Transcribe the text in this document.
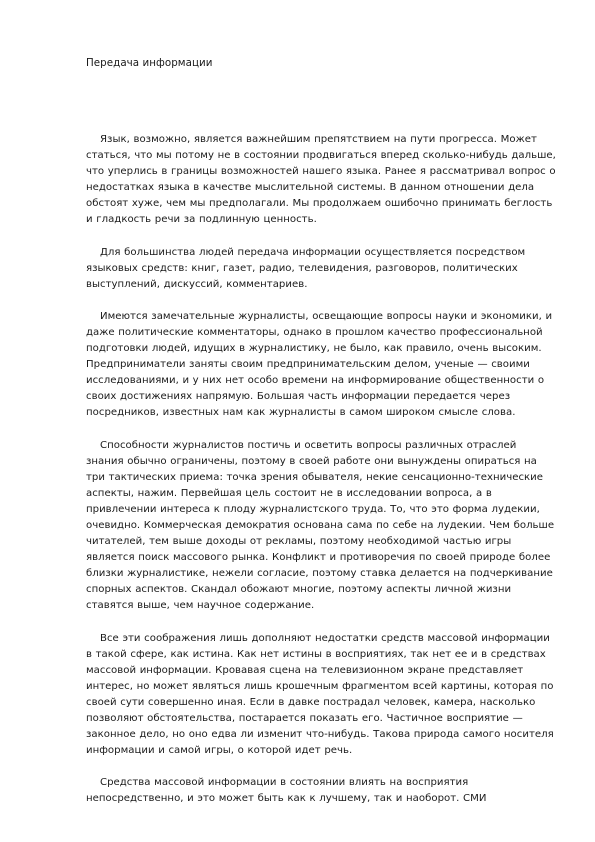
Передача информации

Язык, возможно, является важнейшим препятствием на пути прогресса. Может статься, что мы потому не в состоянии продвигаться вперед сколько-нибудь дальше, что уперлись в границы возможностей нашего языка. Ранее я рассматривал вопрос о недостатках языка в качестве мыслительной системы. В данном отношении дела обстоят хуже, чем мы предполагали. Мы продолжаем ошибочно принимать беглость и гладкость речи за подлинную ценность.

Для большинства людей передача информации осуществляется посредством языковых средств: книг, газет, радио, телевидения, разговоров, политических выступлений, дискуссий, комментариев.

Имеются замечательные журналисты, освещающие вопросы науки и экономики, и даже политические комментаторы, однако в прошлом качество профессиональной подготовки людей, идущих в журналистику, не было, как правило, очень высоким. Предприниматели заняты своим предпринимательским делом, ученые — своими исследованиями, и у них нет особо времени на информирование общественности о своих достижениях напрямую. Большая часть информации передается через посредников, известных нам как журналисты в самом широком смысле слова.

Способности журналистов постичь и осветить вопросы различных отраслей знания обычно ограничены, поэтому в своей работе они вынуждены опираться на три тактических приема: точка зрения обывателя, некие сенсационно-технические аспекты, нажим. Первейшая цель состоит не в исследовании вопроса, а в привлечении интереса к плоду журналистского труда. То, что это форма лудекии, очевидно. Коммерческая демократия основана сама по себе на лудекии. Чем больше читателей, тем выше доходы от рекламы, поэтому необходимой частью игры является поиск массового рынка. Конфликт и противоречия по своей природе более близки журналистике, нежели согласие, поэтому ставка делается на подчеркивание спорных аспектов. Скандал обожают многие, поэтому аспекты личной жизни ставятся выше, чем научное содержание.

Все эти соображения лишь дополняют недостатки средств массовой информации в такой сфере, как истина. Как нет истины в восприятиях, так нет ее и в средствах массовой информации. Кровавая сцена на телевизионном экране представляет интерес, но может являться лишь крошечным фрагментом всей картины, которая по своей сути совершенно иная. Если в давке пострадал человек, камера, насколько позволяют обстоятельства, постарается показать его. Частичное восприятие — законное дело, но оно едва ли изменит что-нибудь. Такова природа самого носителя информации и самой игры, о которой идет речь.

Средства массовой информации в состоянии влиять на восприятия непосредственно, и это может быть как к лучшему, так и наоборот. СМИ
